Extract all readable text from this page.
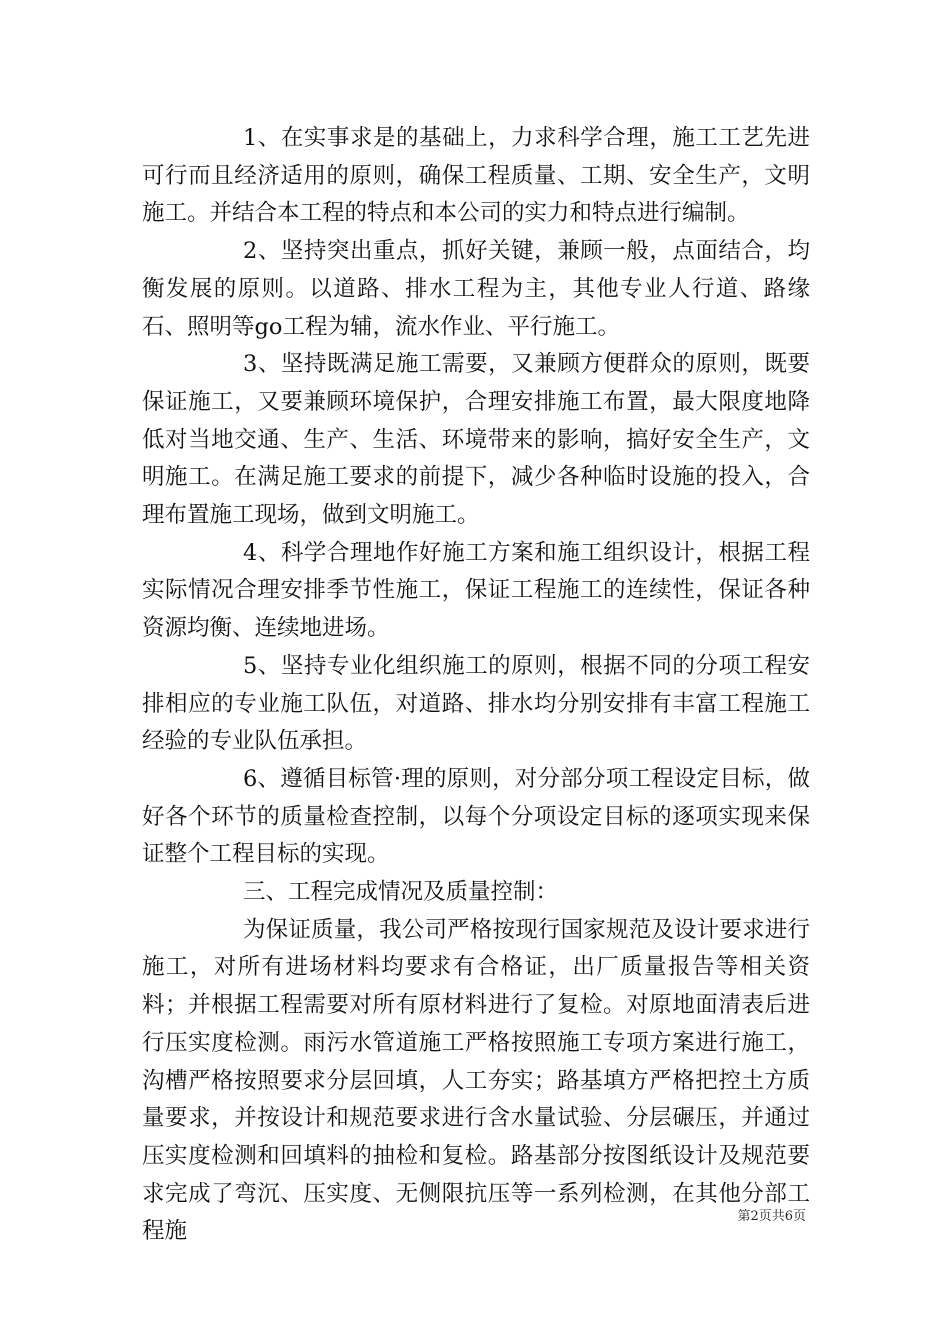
1、在实事求是的基础上，力求科学合理，施工工艺先进可行而且经济适用的原则，确保工程质量、工期、安全生产，文明施工。并结合本工程的特点和本公司的实力和特点进行编制。

2、坚持突出重点，抓好关键，兼顾一般，点面结合，均衡发展的原则。以道路、排水工程为主，其他专业人行道、路缘石、照明等go工程为辅，流水作业、平行施工。

3、坚持既满足施工需要，又兼顾方便群众的原则，既要保证施工，又要兼顾环境保护，合理安排施工布置，最大限度地降低对当地交通、生产、生活、环境带来的影响，搞好安全生产，文明施工。在满足施工要求的前提下，减少各种临时设施的投入，合理布置施工现场，做到文明施工。

4、科学合理地作好施工方案和施工组织设计，根据工程实际情况合理安排季节性施工，保证工程施工的连续性，保证各种资源均衡、连续地进场。

5、坚持专业化组织施工的原则，根据不同的分项工程安排相应的专业施工队伍，对道路、排水均分别安排有丰富工程施工经验的专业队伍承担。

6、遵循目标管·理的原则，对分部分项工程设定目标，做好各个环节的质量检查控制，以每个分项设定目标的逐项实现来保证整个工程目标的实现。

三、工程完成情况及质量控制：

为保证质量，我公司严格按现行国家规范及设计要求进行施工，对所有进场材料均要求有合格证，出厂质量报告等相关资料；并根据工程需要对所有原材料进行了复检。对原地面清表后进行压实度检测。雨污水管道施工严格按照施工专项方案进行施工，沟槽严格按照要求分层回填，人工夯实；路基填方严格把控土方质量要求，并按设计和规范要求进行含水量试验、分层碾压，并通过压实度检测和回填料的抽检和复检。路基部分按图纸设计及规范要求完成了弯沉、压实度、无侧限抗压等一系列检测，在其他分部工程施

第2页共6页
